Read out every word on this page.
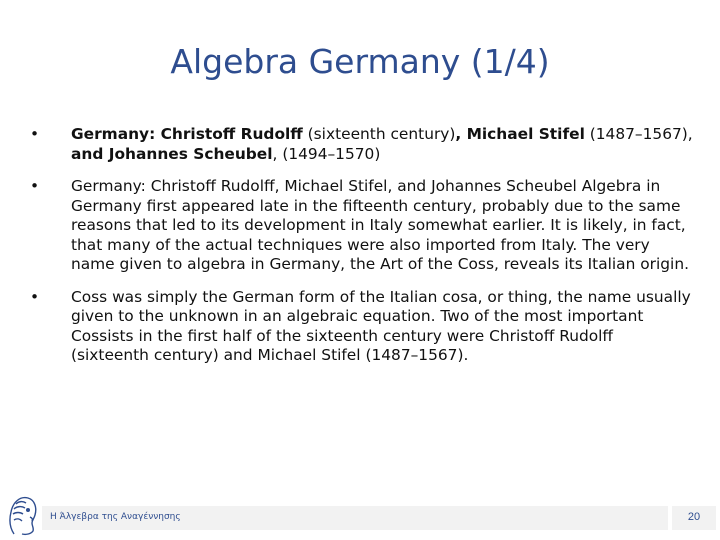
Algebra Germany (1/4)
•	Germany: Christoff Rudolff (sixteenth century), Michael Stifel (1487–1567), and Johannes Scheubel, (1494–1570)
•	Germany: Christoff Rudolff, Michael Stifel, and Johannes Scheubel Algebra in Germany first appeared late in the fifteenth century, probably due to the same reasons that led to its development in Italy somewhat earlier. It is likely, in fact, that many of the actual techniques were also imported from Italy. The very name given to algebra in Germany, the Art of the Coss, reveals its Italian origin.
•	Coss was simply the German form of the Italian cosa, or thing, the name usually given to the unknown in an algebraic equation. Two of the most important Cossists in the first half of the sixteenth century were Christoff Rudolff (sixteenth century) and Michael Stifel (1487–1567).
Η Άλγεβρα της Αναγέννησης	20
